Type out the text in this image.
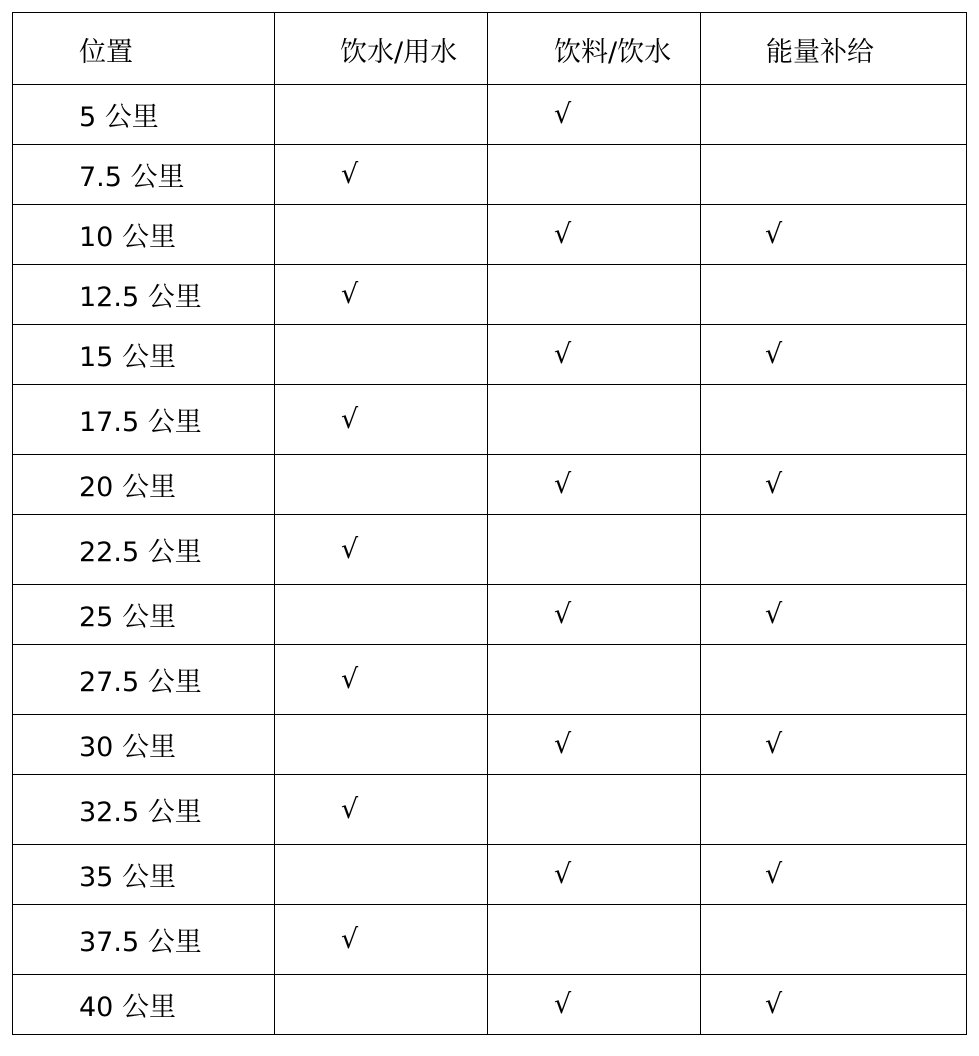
位置	饮水/用水	饮料/饮水	能量补给
5 公里		√	
7.5 公里	√		
10 公里		√	√
12.5 公里	√		
15 公里		√	√
17.5 公里	√		
20 公里		√	√
22.5 公里	√		
25 公里		√	√
27.5 公里	√		
30 公里		√	√
32.5 公里	√		
35 公里		√	√
37.5 公里	√		
40 公里		√	√
